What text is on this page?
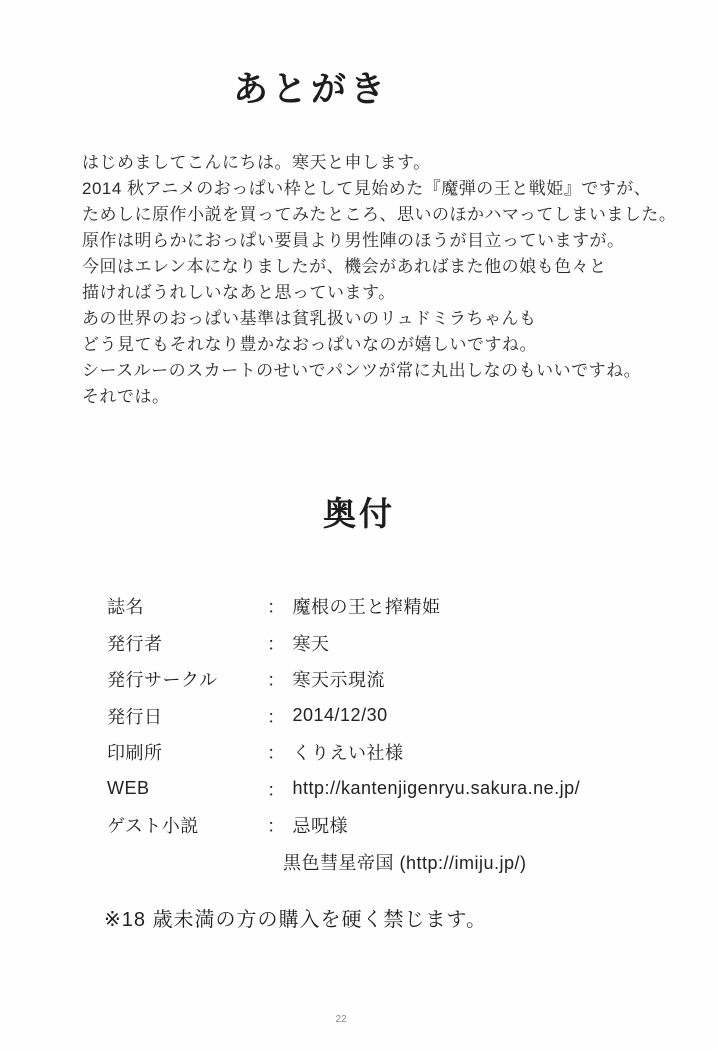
あとがき
はじめましてこんにちは。寒天と申します。
2014 秋アニメのおっぱい枠として見始めた『魔弾の王と戦姫』ですが、
ためしに原作小説を買ってみたところ、思いのほかハマってしまいました。
原作は明らかにおっぱい要員より男性陣のほうが目立っていますが。
今回はエレン本になりましたが、機会があればまた他の娘も色々と
描ければうれしいなあと思っています。
あの世界のおっぱい基準は貧乳扱いのリュドミラちゃんも
どう見てもそれなり豊かなおっぱいなのが嬉しいですね。
シースルーのスカートのせいでパンツが常に丸出しなのもいいですね。
それでは。
奥付
誌名	： 魔根の王と搾精姫
発行者	： 寒天
発行サークル	： 寒天示現流
発行日	： 2014/12/30
印刷所	： くりえい社様
WEB	： http://kantenjigenryu.sakura.ne.jp/
ゲスト小説	： 忌呪様
黒色彗星帝国 (http://imiju.jp/)
※18 歳未満の方の購入を硬く禁じます。
22
